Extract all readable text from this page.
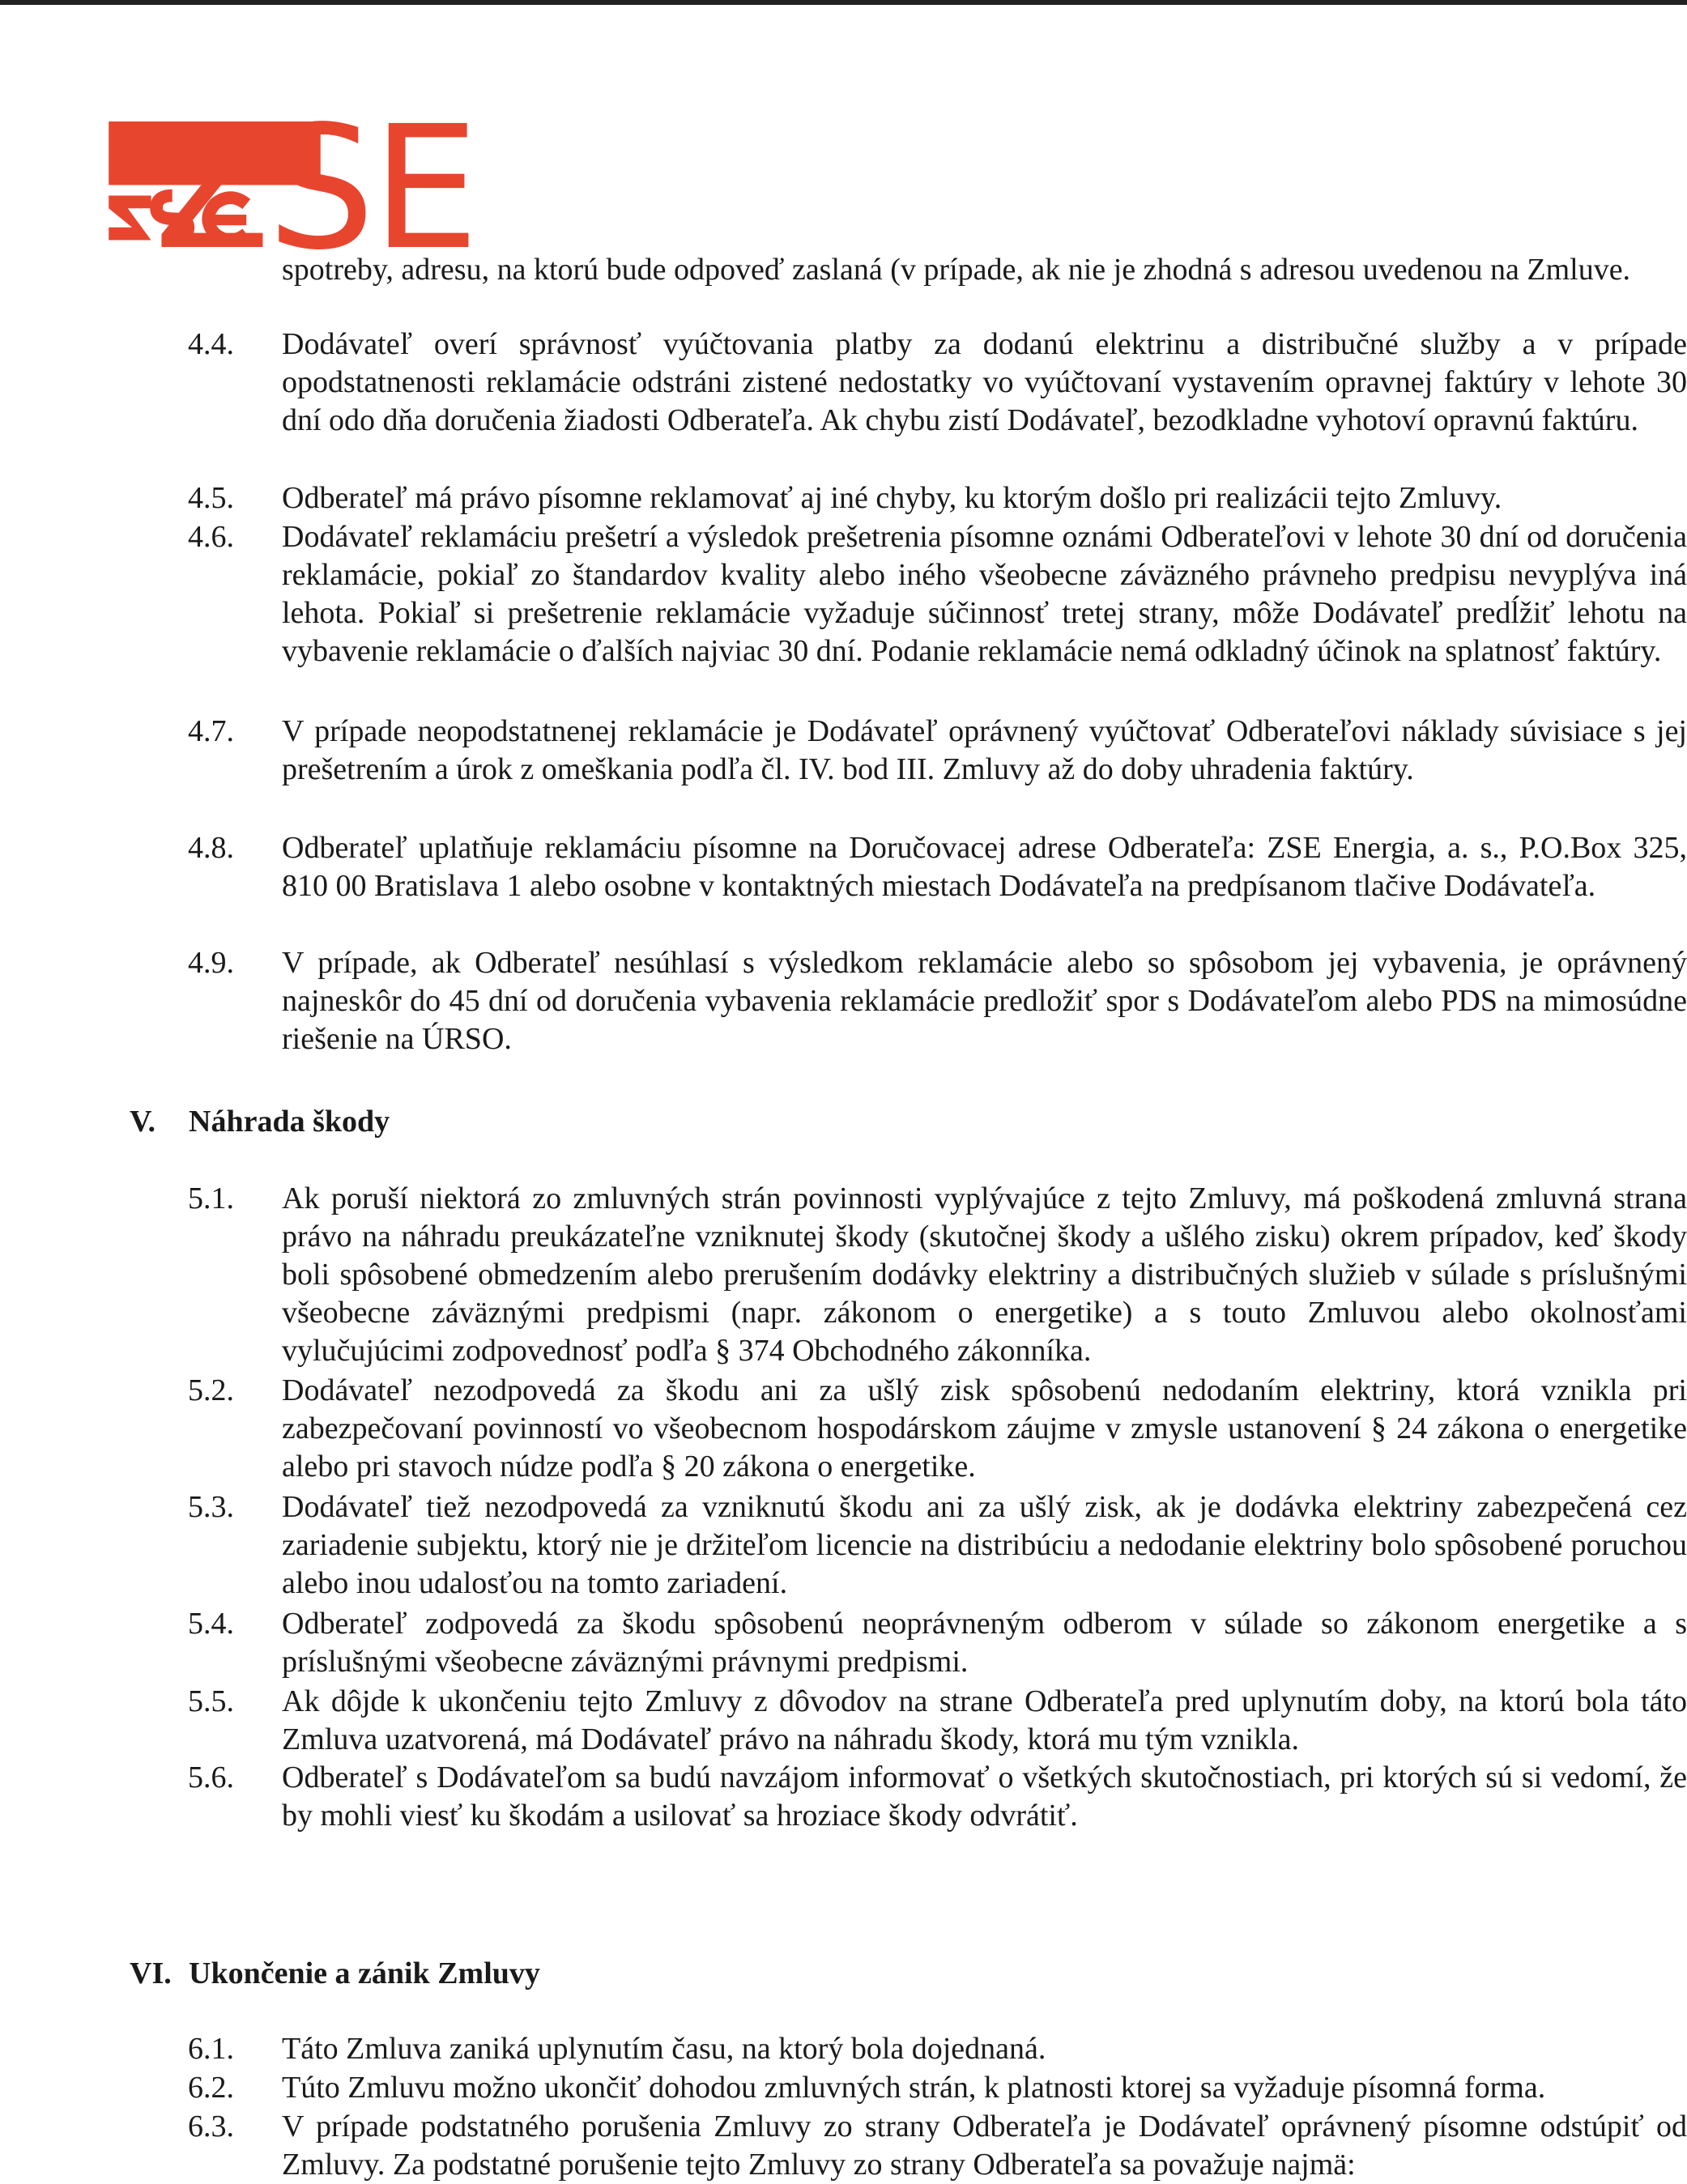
ZSE
spotreby, adresu, na ktorú bude odpoveď zaslaná (v prípade, ak nie je zhodná s adresou uvedenou na Zmluve.
4.4. Dodávateľ overí správnosť vyúčtovania platby za dodanú elektrinu a distribučné služby a v prípade opodstatnenosti reklamácie odstráni zistené nedostatky vo vyúčtovaní vystavením opravnej faktúry v lehote 30 dní odo dňa doručenia žiadosti Odberateľa. Ak chybu zistí Dodávateľ, bezodkladne vyhotoví opravnú faktúru.
4.5. Odberateľ má právo písomne reklamovať aj iné chyby, ku ktorým došlo pri realizácii tejto Zmluvy.
4.6. Dodávateľ reklamáciu prešetrí a výsledok prešetrenia písomne oznámi Odberateľovi v lehote 30 dní od doručenia reklamácie, pokiaľ zo štandardov kvality alebo iného všeobecne záväzného právneho predpisu nevyplýva iná lehota. Pokiaľ si prešetrenie reklamácie vyžaduje súčinnosť tretej strany, môže Dodávateľ predĺžiť lehotu na vybavenie reklamácie o ďalších najviac 30 dní. Podanie reklamácie nemá odkladný účinok na splatnosť faktúry.
4.7. V prípade neopodstatnenej reklamácie je Dodávateľ oprávnený vyúčtovať Odberateľovi náklady súvisiace s jej prešetrením a úrok z omeškania podľa čl. IV. bod III. Zmluvy až do doby uhradenia faktúry.
4.8. Odberateľ uplatňuje reklamáciu písomne na Doručovacej adrese Odberateľa: ZSE Energia, a. s., P.O.Box 325, 810 00 Bratislava 1 alebo osobne v kontaktných miestach Dodávateľa na predpísanom tlačive Dodávateľa.
4.9. V prípade, ak Odberateľ nesúhlasí s výsledkom reklamácie alebo so spôsobom jej vybavenia, je oprávnený najneskôr do 45 dní od doručenia vybavenia reklamácie predložiť spor s Dodávateľom alebo PDS na mimosúdne riešenie na ÚRSO.
V. Náhrada škody
5.1. Ak poruší niektorá zo zmluvných strán povinnosti vyplývajúce z tejto Zmluvy, má poškodená zmluvná strana právo na náhradu preukázateľne vzniknutej škody (skutočnej škody a ušlého zisku) okrem prípadov, keď škody boli spôsobené obmedzením alebo prerušením dodávky elektriny a distribučných služieb v súlade s príslušnými všeobecne záväznými predpismi (napr. zákonom o energetike) a s touto Zmluvou alebo okolnosťami vylučujúcimi zodpovednosť podľa § 374 Obchodného zákonníka.
5.2. Dodávateľ nezodpovedá za škodu ani za ušlý zisk spôsobenú nedodaním elektriny, ktorá vznikla pri zabezpečovaní povinností vo všeobecnom hospodárskom záujme v zmysle ustanovení § 24 zákona o energetike alebo pri stavoch núdze podľa § 20 zákona o energetike.
5.3. Dodávateľ tiež nezodpovedá za vzniknutú škodu ani za ušlý zisk, ak je dodávka elektriny zabezpečená cez zariadenie subjektu, ktorý nie je držiteľom licencie na distribúciu a nedodanie elektriny bolo spôsobené poruchou alebo inou udalosťou na tomto zariadení.
5.4. Odberateľ zodpovedá za škodu spôsobenú neoprávneným odberom v súlade so zákonom energetike a s príslušnými všeobecne záväznými právnymi predpismi.
5.5. Ak dôjde k ukončeniu tejto Zmluvy z dôvodov na strane Odberateľa pred uplynutím doby, na ktorú bola táto Zmluva uzatvorená, má Dodávateľ právo na náhradu škody, ktorá mu tým vznikla.
5.6. Odberateľ s Dodávateľom sa budú navzájom informovať o všetkých skutočnostiach, pri ktorých sú si vedomí, že by mohli viesť ku škodám a usilovať sa hroziace škody odvrátiť.
VI. Ukončenie a zánik Zmluvy
6.1. Táto Zmluva zaniká uplynutím času, na ktorý bola dojednaná.
6.2. Túto Zmluvu možno ukončiť dohodou zmluvných strán, k platnosti ktorej sa vyžaduje písomná forma.
6.3. V prípade podstatného porušenia Zmluvy zo strany Odberateľa je Dodávateľ oprávnený písomne odstúpiť od Zmluvy. Za podstatné porušenie tejto Zmluvy zo strany Odberateľa sa považuje najmä:
